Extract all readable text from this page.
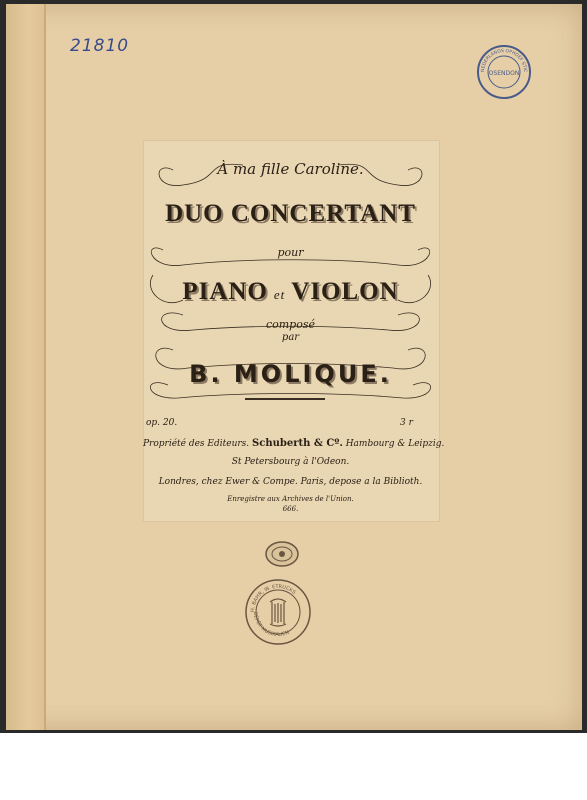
21810
OSENDON
NEDERLANDS OPHOEF STIC
À ma fille Caroline.
DUO CONCERTANT
pour
PIANO et VIOLON
composé
par
B. MOLIQUE.
op. 20.	3 r
Propriété des Editeurs. Schuberth & Cº. Hambourg & Leipzig.
St Petersbourg à l'Odeon.
Londres, chez Ewer & Compe. Paris, depose a la Biblioth.
Enregistre aux Archives de l'Union.
666.
H. BAHR, W. ETRUCKS
DÉPÔT MUSIKALIEN
